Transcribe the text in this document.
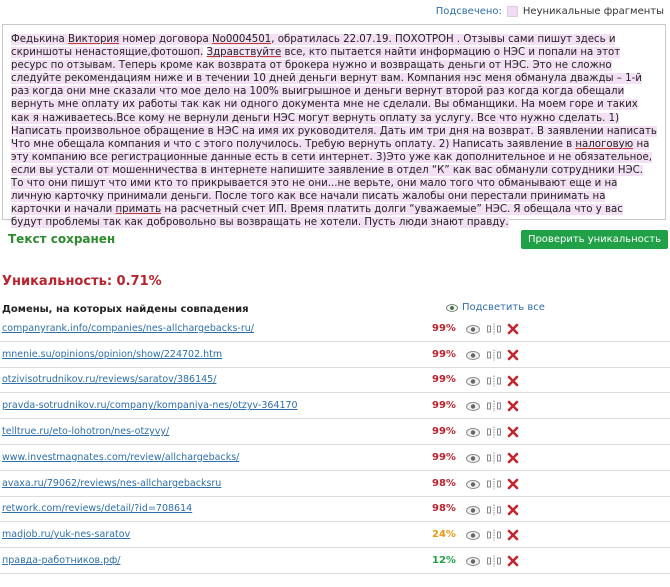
Подсвечено: Неуникальные фрагменты
Федькина Виктория номер договора No0004501, обратилась 22.07.19. ПОХОТРОН . Отзывы сами пишут здесь и скриншоты ненастоящие,фотошоп. Здравствуйте все, кто пытается найти информацию о НЭС и попали на этот ресурс по отзывам. Теперь кроме как возврата от брокера нужно и возвращать деньги от НЭС. Это не сложно следуйте рекомендациям ниже и в течении 10 дней деньги вернут вам. Компания нэс меня обманула дважды – 1-й раз когда они мне сказали что мое дело на 100% выигрышное и деньги вернут второй раз когда когда обещали вернуть мне оплату их работы так как ни одного документа мне не сделали. Вы обманщики. На моем горе и таких как я наживаетесь.Все кому не вернули деньги НЭС могут вернуть оплату за услугу. Все что нужно сделать. 1) Написать произвольное обращение в НЭС на имя их руководителя. Дать им три дня на возврат. В заявлении написать Что мне обещала компания и что с этого получилось. Требую вернуть оплату. 2) Написать заявление в налоговую на эту компанию все регистрационные данные есть в сети интернет. 3)Это уже как дополнительное и не обязательное, если вы устали от мошенничества в интернете напишите заявление в отдел “К” как вас обманули сотрудники НЭС. То что они пишут что ими кто то прикрывается это не они...не верьте, они мало того что обманывают еще и на личную карточку принимали деньги. После того как все начали писать жалобы они перестали принимать на карточки и начали примать на расчетный счет ИП. Время платить долги “уважаемые” НЭС. Я обещала что у вас будут проблемы так как добровольно вы возвращать не хотели. Пусть люди знают правду.
Текст сохранен	Проверить уникальность
Уникальность: 0.71%
Домены, на которых найдены совпадения	Подсветить все
companyrank.info/companies/nes-allchargebacks-ru/	99%
mnenie.su/opinions/opinion/show/224702.htm	99%
otzivisotrudnikov.ru/reviews/saratov/386145/	99%
pravda-sotrudnikov.ru/company/kompaniya-nes/otzyv-364170	99%
telltrue.ru/eto-lohotron/nes-otzyvy/	99%
www.investmagnates.com/review/allchargebacks/	99%
avaxa.ru/79062/reviews/nes-allchargebacksru	98%
retwork.com/reviews/detail/?id=708614	98%
madjob.ru/yuk-nes-saratov	24%
правда-работников.рф/	12%
